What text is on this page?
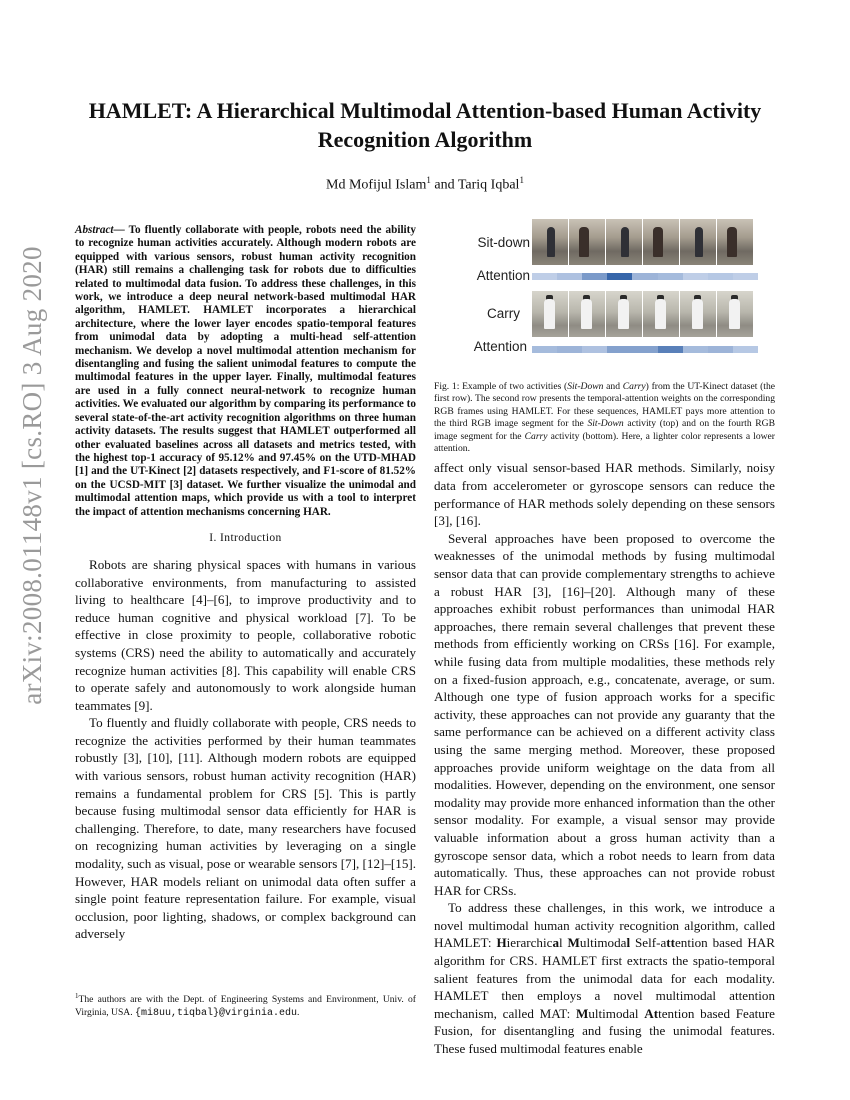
arXiv:2008.01148v1 [cs.RO] 3 Aug 2020
HAMLET: A Hierarchical Multimodal Attention-based Human Activity
Recognition Algorithm
Md Mofijul Islam$^1$ and Tariq Iqbal$^1$

Abstract— To fluently collaborate with people, robots need the ability to recognize human activities accurately. Although modern robots are equipped with various sensors, robust human activity recognition (HAR) still remains a challenging task for robots due to difficulties related to multimodal data fusion. To address these challenges, in this work, we introduce a deep neural network-based multimodal HAR algorithm, HAMLET. HAMLET incorporates a hierarchical architecture, where the lower layer encodes spatio-temporal features from unimodal data by adopting a multi-head self-attention mechanism. We develop a novel multimodal attention mechanism for disentangling and fusing the salient unimodal features to compute the multimodal features in the upper layer. Finally, multimodal features are used in a fully connect neural-network to recognize human activities. We evaluated our algorithm by comparing its performance to several state-of-the-art activity recognition algorithms on three human activity datasets. The results suggest that HAMLET outperformed all other evaluated baselines across all datasets and metrics tested, with the highest top-1 accuracy of 95.12% and 97.45% on the UTD-MHAD [1] and the UT-Kinect [2] datasets respectively, and F1-score of 81.52% on the UCSD-MIT [3] dataset. We further visualize the unimodal and multimodal attention maps, which provide us with a tool to interpret the impact of attention mechanisms concerning HAR.

I. Introduction

Robots are sharing physical spaces with humans in various collaborative environments, from manufacturing to assisted living to healthcare [4]–[6], to improve productivity and to reduce human cognitive and physical workload [7]. To be effective in close proximity to people, collaborative robotic systems (CRS) need the ability to automatically and accurately recognize human activities [8]. This capability will enable CRS to operate safely and autonomously to work alongside human teammates [9].

To fluently and fluidly collaborate with people, CRS needs to recognize the activities performed by their human teammates robustly [3], [10], [11]. Although modern robots are equipped with various sensors, robust human activity recognition (HAR) remains a fundamental problem for CRS [5]. This is partly because fusing multimodal sensor data efficiently for HAR is challenging. Therefore, to date, many researchers have focused on recognizing human activities by leveraging on a single modality, such as visual, pose or wearable sensors [7], [12]–[15]. However, HAR models reliant on unimodal data often suffer a single point feature representation failure. For example, visual occlusion, poor lighting, shadows, or complex background can adversely

$^1$The authors are with the Dept. of Engineering Systems and Environment, Univ. of Virginia, USA. {mi8uu,tiqbal}@virginia.edu.
Sit-down
Attention
Carry
Attention

Fig. 1: Example of two activities (Sit-Down and Carry) from the UT-Kinect dataset (the first row). The second row presents the temporal-attention weights on the corresponding RGB frames using HAMLET. For these sequences, HAMLET pays more attention to the third RGB image segment for the Sit-Down activity (top) and on the fourth RGB image segment for the Carry activity (bottom). Here, a lighter color represents a lower attention.

affect only visual sensor-based HAR methods. Similarly, noisy data from accelerometer or gyroscope sensors can reduce the performance of HAR methods solely depending on these sensors [3], [16].

Several approaches have been proposed to overcome the weaknesses of the unimodal methods by fusing multimodal sensor data that can provide complementary strengths to achieve a robust HAR [3], [16]–[20]. Although many of these approaches exhibit robust performances than unimodal HAR approaches, there remain several challenges that prevent these methods from efficiently working on CRSs [16]. For example, while fusing data from multiple modalities, these methods rely on a fixed-fusion approach, e.g., concatenate, average, or sum. Although one type of fusion approach works for a specific activity, these approaches can not provide any guaranty that the same performance can be achieved on a different activity class using the same merging method. Moreover, these proposed approaches provide uniform weightage on the data from all modalities. However, depending on the environment, one sensor modality may provide more enhanced information than the other sensor modality. For example, a visual sensor may provide valuable information about a gross human activity than a gyroscope sensor data, which a robot needs to learn from data automatically. Thus, these approaches can not provide robust HAR for CRSs.

To address these challenges, in this work, we introduce a novel multimodal human activity recognition algorithm, called HAMLET: Hierarchical Multimodal Self-attention based HAR algorithm for CRS. HAMLET first extracts the spatio-temporal salient features from the unimodal data for each modality. HAMLET then employs a novel multimodal attention mechanism, called MAT: Multimodal Attention based Feature Fusion, for disentangling and fusing the unimodal features. These fused multimodal features enable
